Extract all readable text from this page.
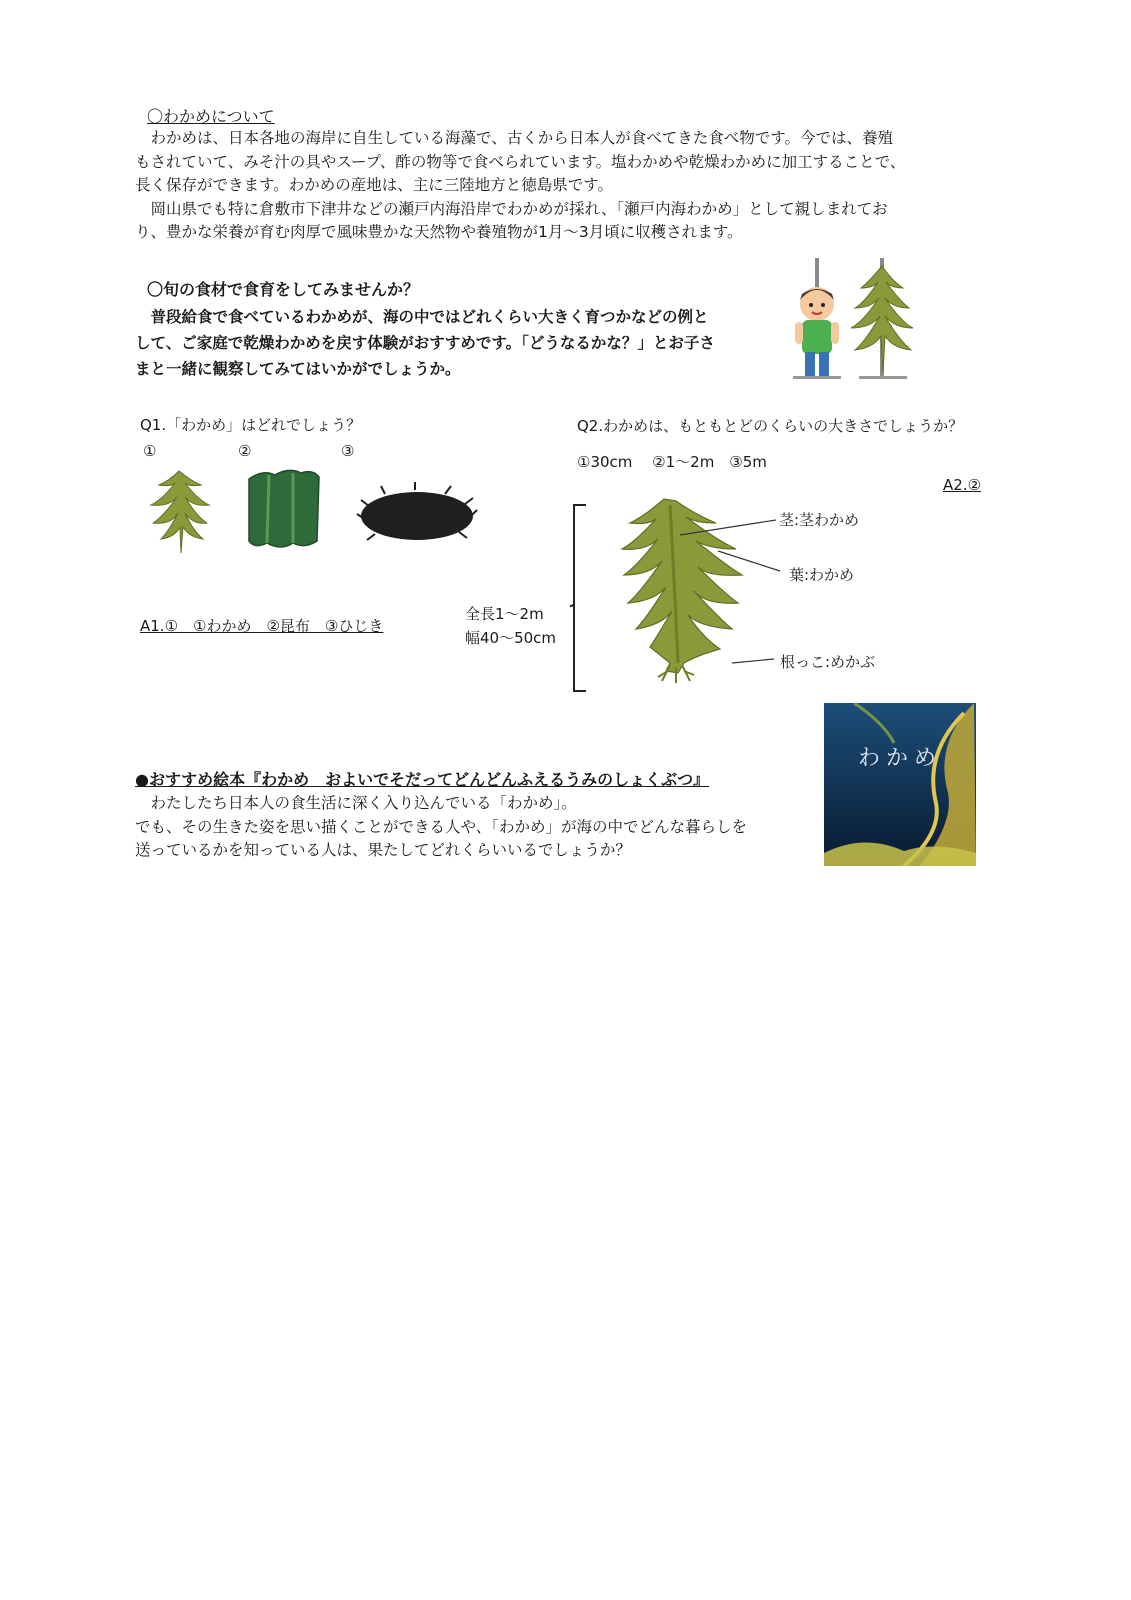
〇わかめについて
　わかめは、日本各地の海岸に自生している海藻で、古くから日本人が食べてきた食べ物です。今では、養殖
もされていて、みそ汁の具やスープ、酢の物等で食べられています。塩わかめや乾燥わかめに加工することで、
長く保存ができます。わかめの産地は、主に三陸地方と徳島県です。
　岡山県でも特に倉敷市下津井などの瀬戸内海沿岸でわかめが採れ、「瀬戸内海わかめ」として親しまれてお
り、豊かな栄養が育む肉厚で風味豊かな天然物や養殖物が1月～3月頃に収穫されます。
〇旬の食材で食育をしてみませんか？
　普段給食で食べているわかめが、海の中ではどれくらい大きく育つかなどの例と
して、ご家庭で乾燥わかめを戻す体験がおすすめです。「どうなるかな？」とお子さ
まと一緒に観察してみてはいかがでしょうか。
Q1.「わかめ」はどれでしょう？
①	②	③
A1.①　①わかめ　②昆布　③ひじき
Q2.わかめは、もともとどのくらいの大きさでしょうか？
①30cm　 ②1～2m　③5m
A2.②
全長1～2m
幅40～50cm
茎:茎わかめ
葉:わかめ
根っこ:めかぶ
●おすすめ絵本『わかめ　およいでそだってどんどんふえるうみのしょくぶつ』
　わたしたち日本人の食生活に深く入り込んでいる「わかめ」。
でも、その生きた姿を思い描くことができる人や、「わかめ」が海の中でどんな暮らしを
送っているかを知っている人は、果たしてどれくらいいるでしょうか？
わかめ
